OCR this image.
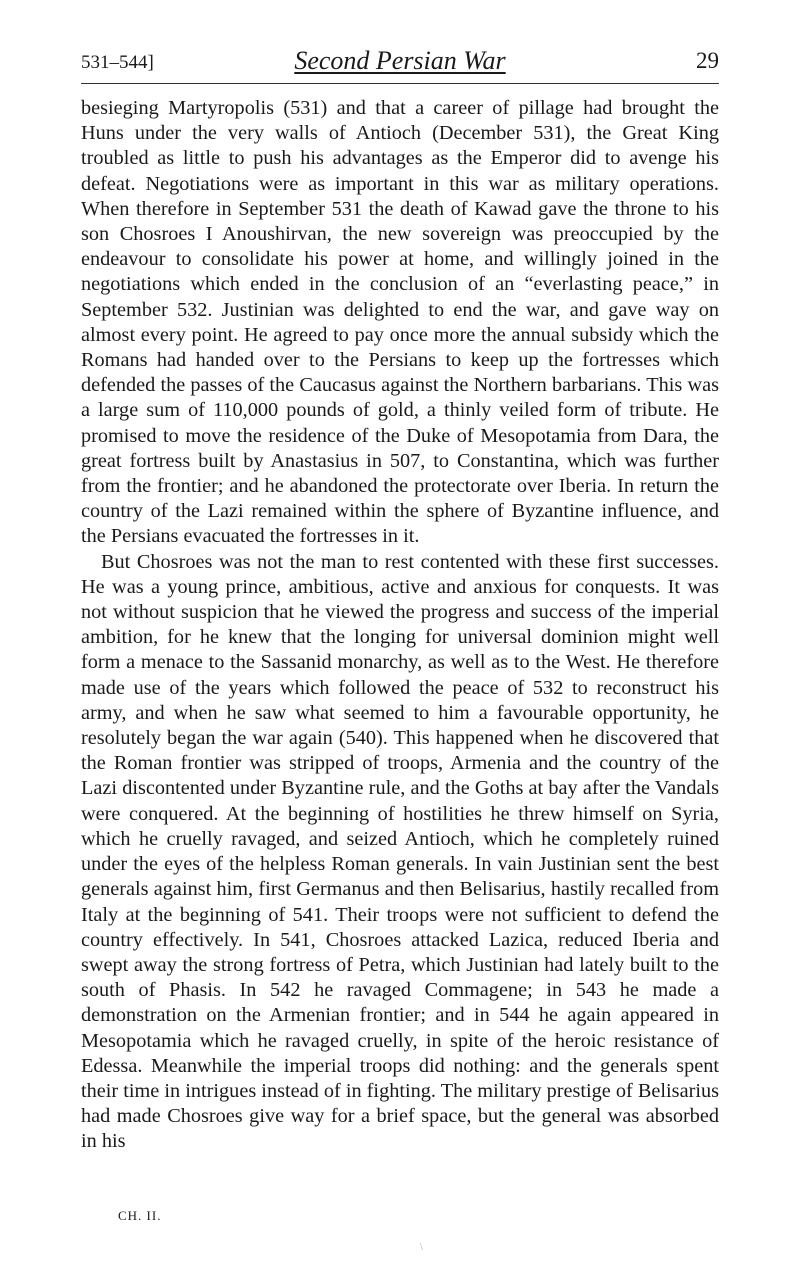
531–544]	Second Persian War	29

besieging Martyropolis (531) and that a career of pillage had brought the Huns under the very walls of Antioch (December 531), the Great King troubled as little to push his advantages as the Emperor did to avenge his defeat. Negotiations were as important in this war as military operations. When therefore in September 531 the death of Kawad gave the throne to his son Chosroes I Anoushirvan, the new sovereign was preoccupied by the endeavour to consolidate his power at home, and willingly joined in the negotiations which ended in the conclusion of an “everlasting peace,” in September 532. Justinian was delighted to end the war, and gave way on almost every point. He agreed to pay once more the annual subsidy which the Romans had handed over to the Persians to keep up the fortresses which defended the passes of the Caucasus against the Northern barbarians. This was a large sum of 110,000 pounds of gold, a thinly veiled form of tribute. He promised to move the residence of the Duke of Mesopotamia from Dara, the great fortress built by Anastasius in 507, to Constantina, which was further from the frontier; and he abandoned the protectorate over Iberia. In return the country of the Lazi remained within the sphere of Byzantine influence, and the Persians evacuated the fortresses in it.

But Chosroes was not the man to rest contented with these first successes. He was a young prince, ambitious, active and anxious for conquests. It was not without suspicion that he viewed the progress and success of the imperial ambition, for he knew that the longing for universal dominion might well form a menace to the Sassanid monarchy, as well as to the West. He therefore made use of the years which followed the peace of 532 to reconstruct his army, and when he saw what seemed to him a favourable opportunity, he resolutely began the war again (540). This happened when he discovered that the Roman frontier was stripped of troops, Armenia and the country of the Lazi discontented under Byzantine rule, and the Goths at bay after the Vandals were conquered. At the beginning of hostilities he threw himself on Syria, which he cruelly ravaged, and seized Antioch, which he completely ruined under the eyes of the helpless Roman generals. In vain Justinian sent the best generals against him, first Germanus and then Belisarius, hastily recalled from Italy at the beginning of 541. Their troops were not sufficient to defend the country effectively. In 541, Chosroes attacked Lazica, reduced Iberia and swept away the strong fortress of Petra, which Justinian had lately built to the south of Phasis. In 542 he ravaged Commagene; in 543 he made a demonstration on the Armenian frontier; and in 544 he again appeared in Mesopotamia which he ravaged cruelly, in spite of the heroic resistance of Edessa. Meanwhile the imperial troops did nothing: and the generals spent their time in intrigues instead of in fighting. The military prestige of Belisarius had made Chosroes give way for a brief space, but the general was absorbed in his

CH. II.
\
